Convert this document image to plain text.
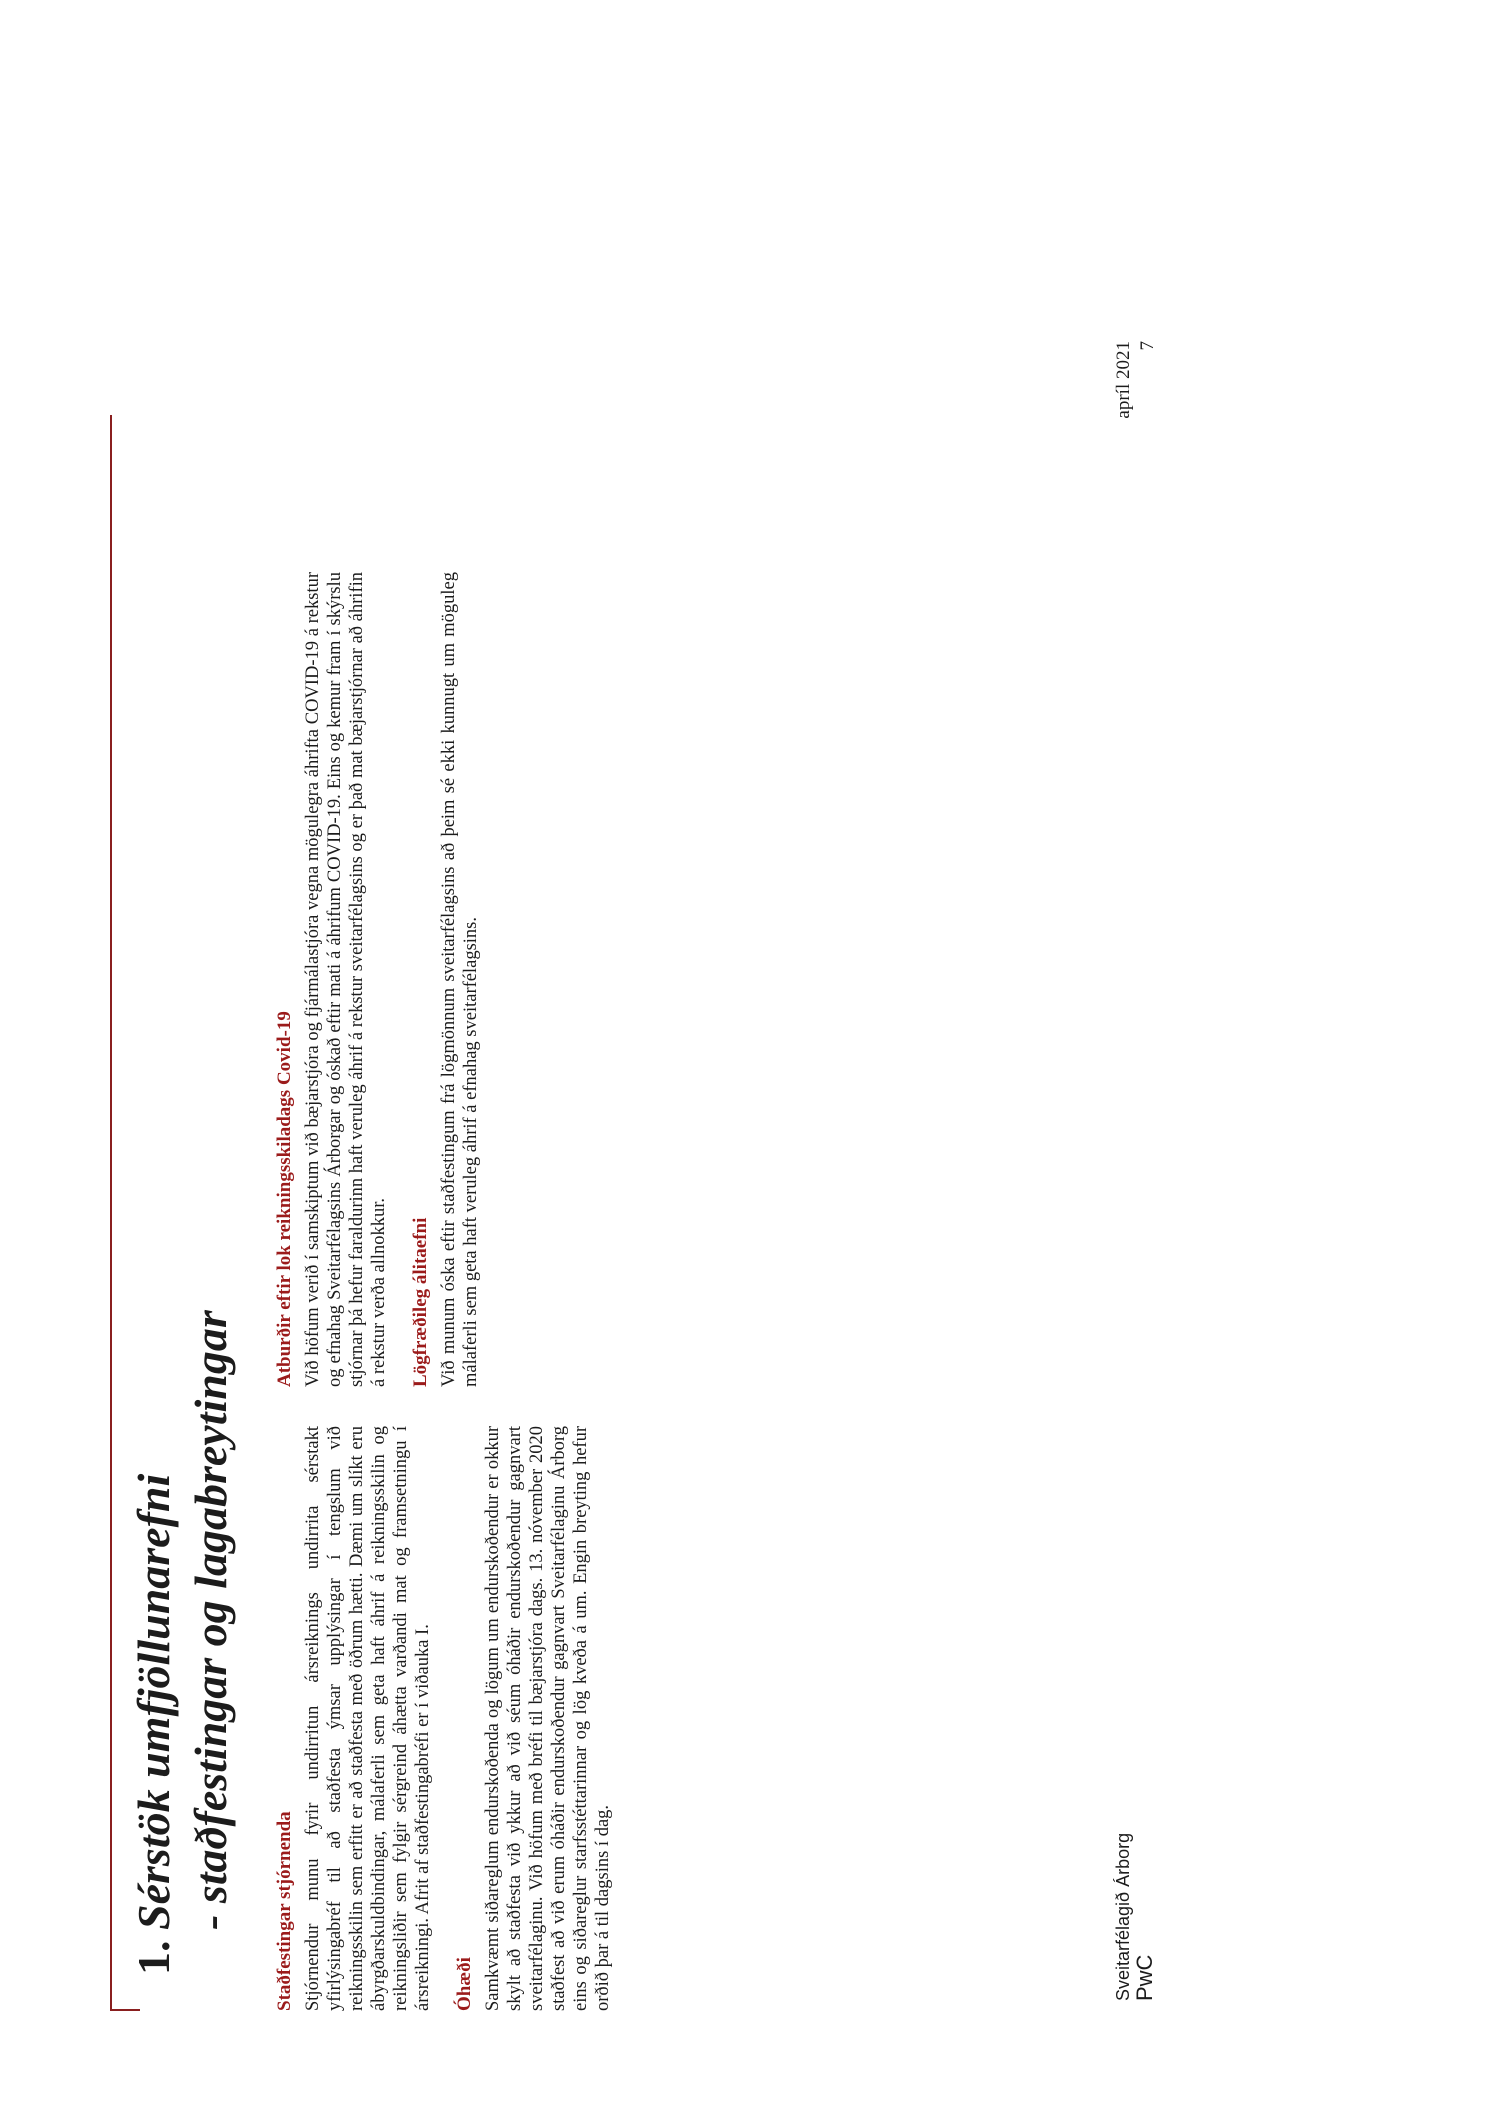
1.Sérstök umfjöllunarefni - staðfestingar og lagabreytingar Staðfestingar stjórnenda Stjórnendur munu fyrir undirritun ársreiknings undirrita sérstakt yfirlýsingabréf til að staðfesta ýmsar upplýsingar í tengslum við reikningsskilin sem erfitt er að staðfesta með öðrum hætti. Dæmi um slíkt eru ábyrgðarskuldbindingar, málaferli sem geta haft áhrif á reikningsskilin og reikningsliðir sem fylgir sérgreind áhætta varðandi mat og framsetningu í ársreikningi. Afrit af staðfestingabréfi er í viðauka I. Óhæði Samkvæmt siðareglum endurskoðenda og lögum um endurskoðendur er okkur skylt að staðfesta við ykkur að við séum óháðir endurskoðendur gagnvart sveitarfélaginu. Við höfum með bréfi til bæjarstjóra dags. 13. nóvember 2020 staðfest að við erum óháðir endurskoðendur gagnvart Sveitarfélaginu Árborg eins og siðareglur starfsstéttarinnar og lög kveða á um. Engin breyting hefur orðið þar á til dagsins í dag.

Atburðir eftir lok reikningsskiladags Covid-19 Við höfum verið í samskiptum við bæjarstjóra og fjármálastjóra vegna mögulegra áhrifta COVID-19 á rekstur og efnahag Sveitarfélagsins Árborgar og óskað eftir mati á áhrifum COVID-19. Eins og kemur fram í skýrslu stjórnar þá hefur faraldurinn haft veruleg áhrif á rekstur sveitarfélagsins og er það mat bæjarstjórnar að áhrifin á rekstur verða allnokkur. Lögfræðileg álitaefni Við munum óska eftir staðfestingum frá lögmönnum sveitarfélagsins að þeim sé ekki kunnugt um möguleg málaferli sem geta haft veruleg áhrif á efnahag sveitarfélagsins.

Sveitarfélagið Árborg PwC
apríl 2021 7
